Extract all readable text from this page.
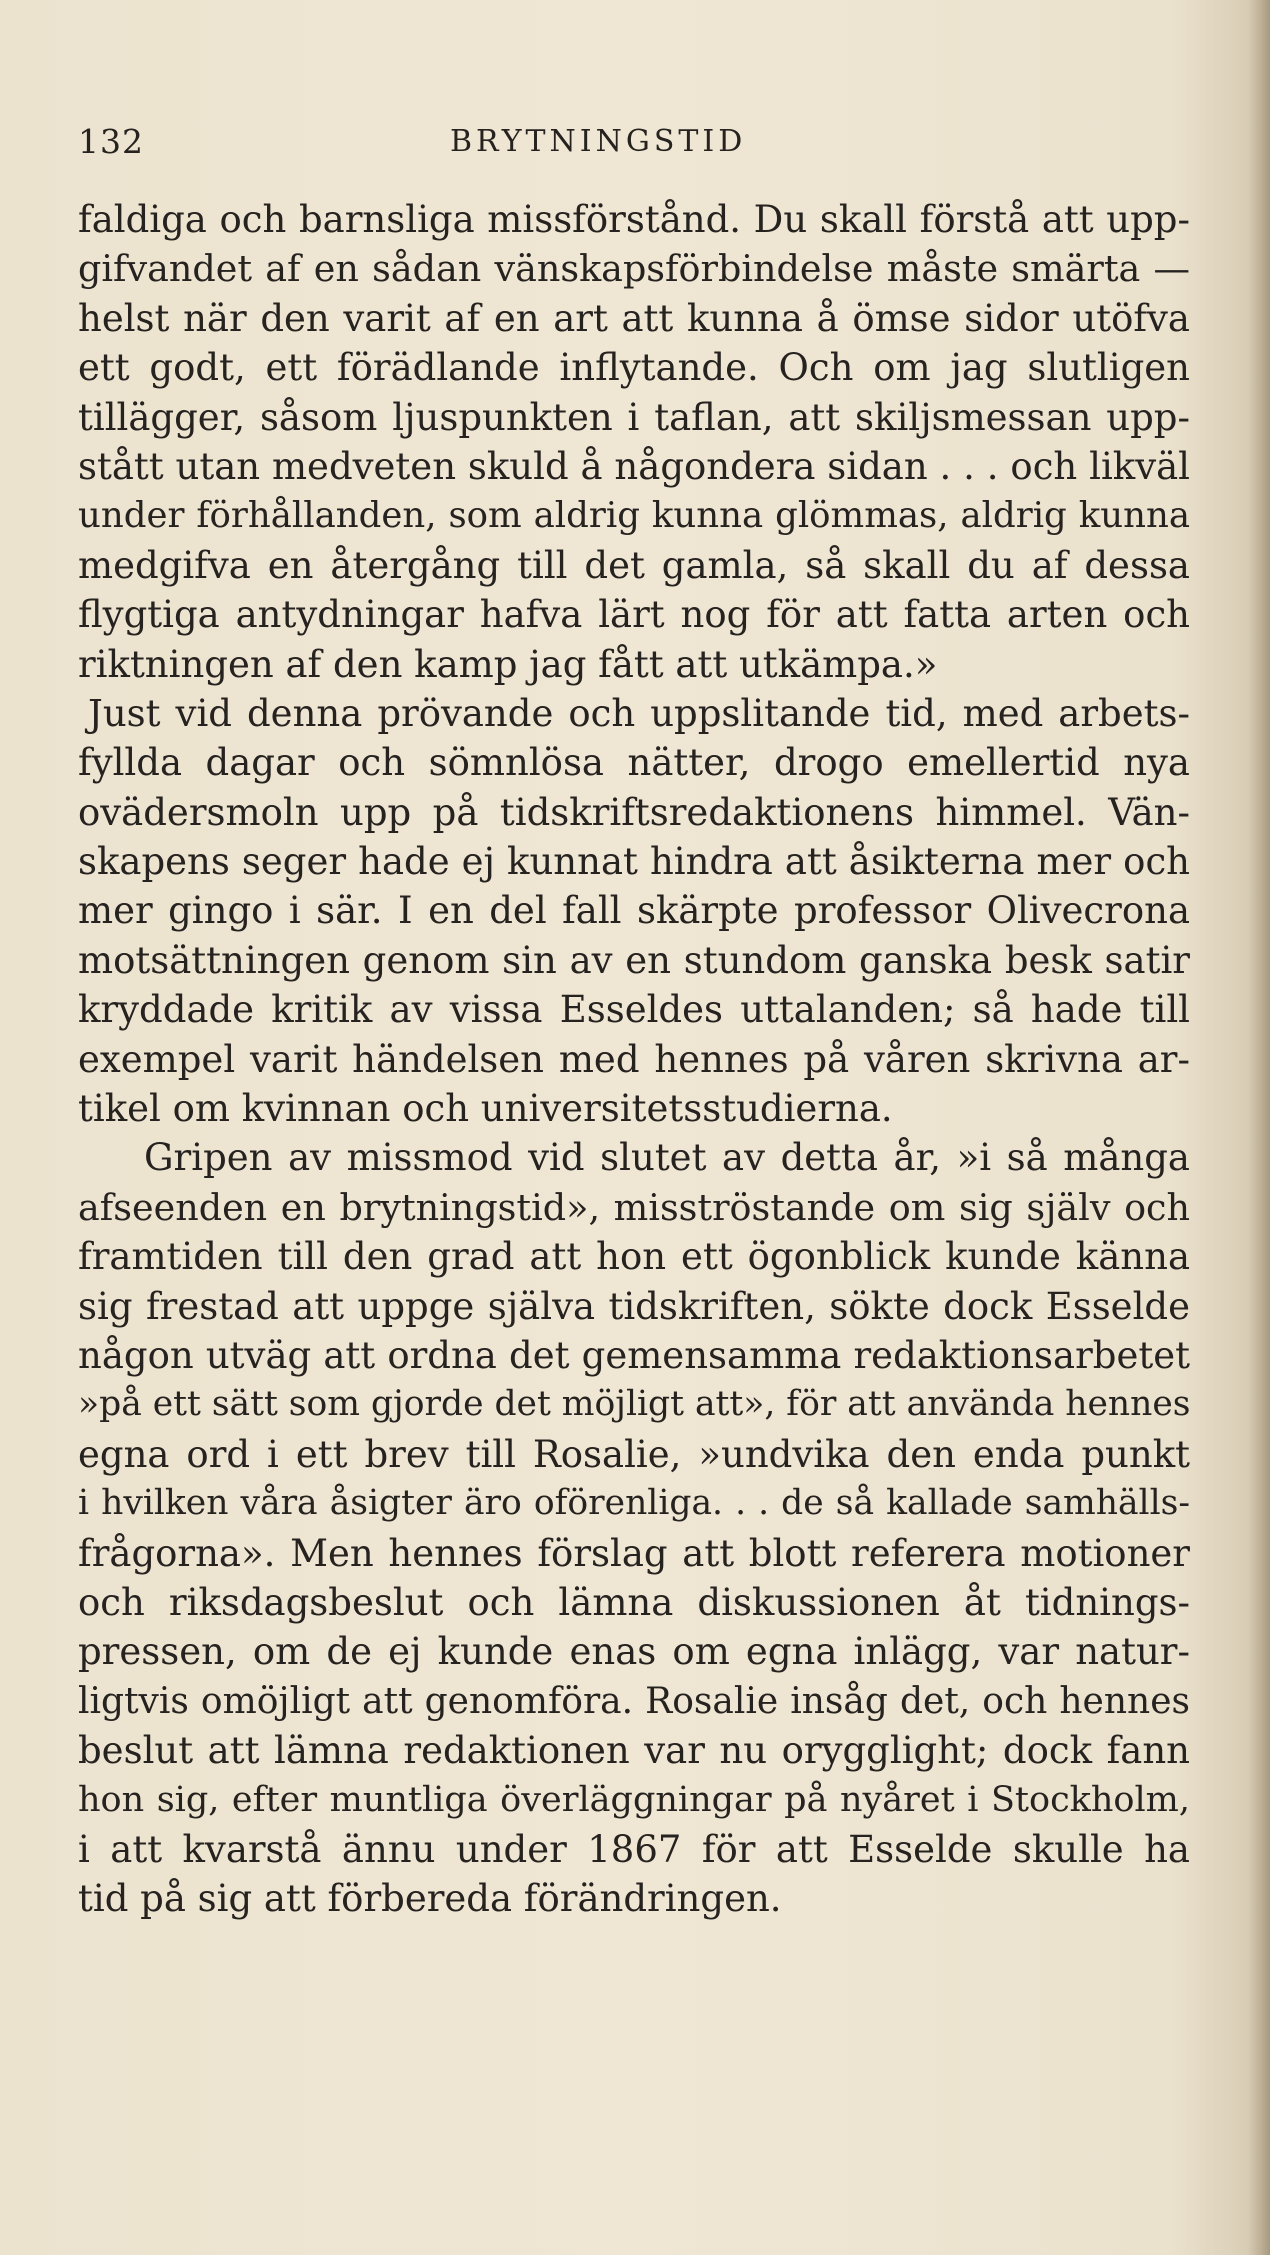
132	BRYTNINGSTID
faldiga och barnsliga missförstånd. Du skall förstå att upp-
gifvandet af en sådan vänskapsförbindelse måste smärta —
helst när den varit af en art att kunna å ömse sidor utöfva
ett godt, ett förädlande inflytande. Och om jag slutligen
tillägger, såsom ljuspunkten i taflan, att skiljsmessan upp-
stått utan medveten skuld å någondera sidan . . . och likväl
under förhållanden, som aldrig kunna glömmas, aldrig kunna
medgifva en återgång till det gamla, så skall du af dessa
flygtiga antydningar hafva lärt nog för att fatta arten och
riktningen af den kamp jag fått att utkämpa.»
Just vid denna prövande och uppslitande tid, med arbets-
fyllda dagar och sömnlösa nätter, drogo emellertid nya
ovädersmoln upp på tidskriftsredaktionens himmel. Vän-
skapens seger hade ej kunnat hindra att åsikterna mer och
mer gingo i sär. I en del fall skärpte professor Olivecrona
motsättningen genom sin av en stundom ganska besk satir
kryddade kritik av vissa Esseldes uttalanden; så hade till
exempel varit händelsen med hennes på våren skrivna ar-
tikel om kvinnan och universitetsstudierna.
Gripen av missmod vid slutet av detta år, »i så många
afseenden en brytningstid», misströstande om sig själv och
framtiden till den grad att hon ett ögonblick kunde känna
sig frestad att uppge själva tidskriften, sökte dock Esselde
någon utväg att ordna det gemensamma redaktionsarbetet
»på ett sätt som gjorde det möjligt att», för att använda hennes
egna ord i ett brev till Rosalie, »undvika den enda punkt
i hvilken våra åsigter äro oförenliga. . . de så kallade samhälls-
frågorna». Men hennes förslag att blott referera motioner
och riksdagsbeslut och lämna diskussionen åt tidnings-
pressen, om de ej kunde enas om egna inlägg, var natur-
ligtvis omöjligt att genomföra. Rosalie insåg det, och hennes
beslut att lämna redaktionen var nu orygglight; dock fann
hon sig, efter muntliga överläggningar på nyåret i Stockholm,
i att kvarstå ännu under 1867 för att Esselde skulle ha
tid på sig att förbereda förändringen.
